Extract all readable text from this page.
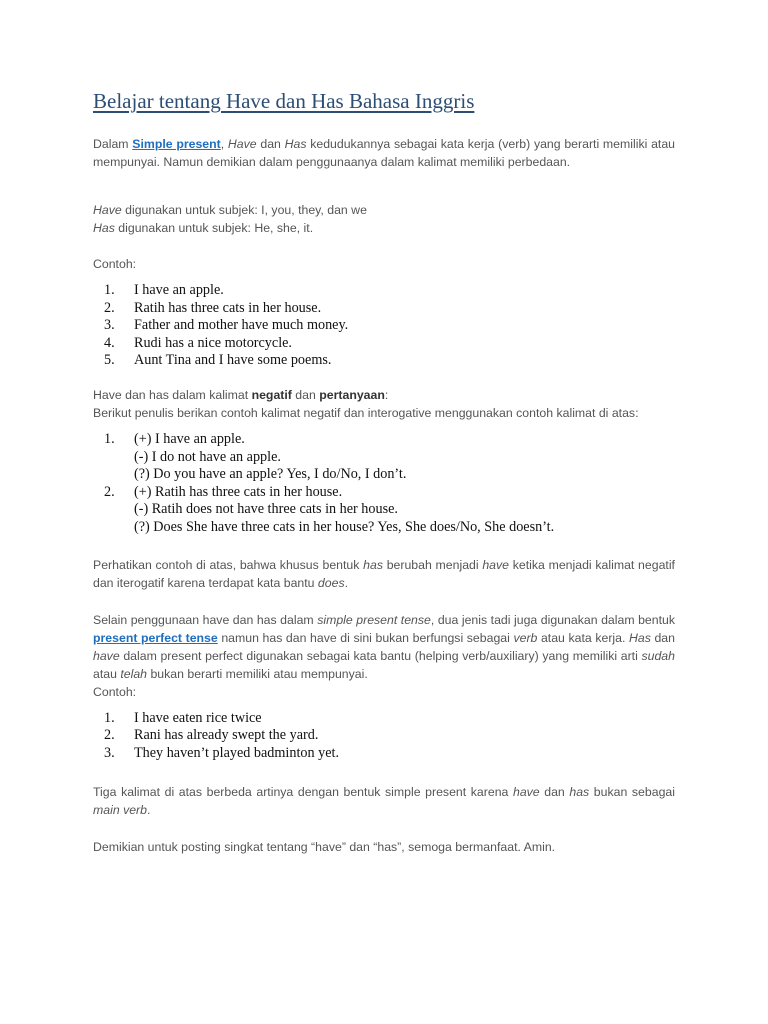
Belajar tentang Have dan Has Bahasa Inggris

Dalam Simple present, Have dan Has kedudukannya sebagai kata kerja (verb) yang berarti memiliki atau mempunyai. Namun demikian dalam penggunaanya dalam kalimat memiliki perbedaan.

Have digunakan untuk subjek: I, you, they, dan we

Has digunakan untuk subjek: He, she, it.

Contoh:

1. I have an apple.
2. Ratih has three cats in her house.
3. Father and mother have much money.
4. Rudi has a nice motorcycle.
5. Aunt Tina and I have some poems.

Have dan has dalam kalimat negatif dan pertanyaan:

Berikut penulis berikan contoh kalimat negatif dan interogative menggunakan contoh kalimat di atas:

1. (+) I have an apple.
(-) I do not have an apple.
(?) Do you have an apple? Yes, I do/No, I don’t.
2. (+) Ratih has three cats in her house.
(-) Ratih does not have three cats in her house.
(?) Does She have three cats in her house? Yes, She does/No, She doesn’t.

Perhatikan contoh di atas, bahwa khusus bentuk has berubah menjadi have ketika menjadi kalimat negatif dan iterogatif karena terdapat kata bantu does.

Selain penggunaan have dan has dalam simple present tense, dua jenis tadi juga digunakan dalam bentuk present perfect tense namun has dan have di sini bukan berfungsi sebagai verb atau kata kerja. Has dan have dalam present perfect digunakan sebagai kata bantu (helping verb/auxiliary) yang memiliki arti sudah atau telah bukan berarti memiliki atau mempunyai.

Contoh:

1. I have eaten rice twice
2. Rani has already swept the yard.
3. They haven’t played badminton yet.

Tiga kalimat di atas berbeda artinya dengan bentuk simple present karena have dan has bukan sebagai main verb.

Demikian untuk posting singkat tentang “have” dan “has”, semoga bermanfaat. Amin.
